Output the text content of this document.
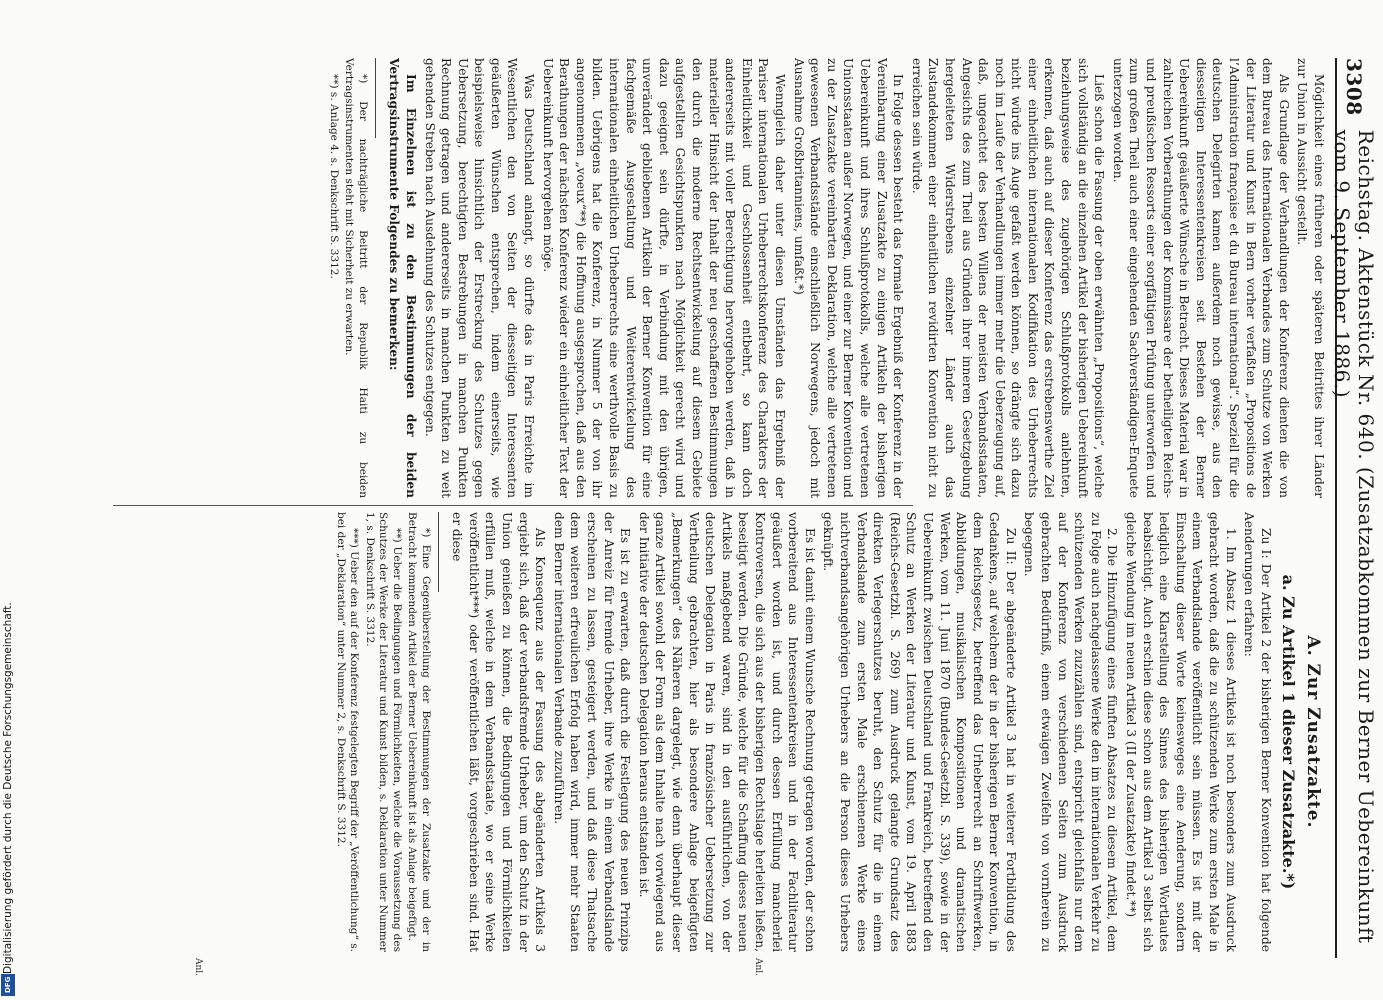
3308
Reichstag. Aktenstück Nr. 640. (Zusatzabkommen zur Berner Uebereinkunft vom 9. September 1886.)

Möglichkeit eines früheren oder späteren Beitrittes ihrer Länder zur Union in Aussicht gestellt.

Als Grundlage der Verhandlungen der Konferenz dienten die von dem Bureau des Internationalen Verbandes zum Schutze von Werken der Literatur und Kunst in Bern vorher verfaßten „Propositions de l’Administration française et du Bureau international“. Speziell für die deutschen Delegirten kamen außerdem noch gewisse, aus den diesseitigen Interessentenkreisen seit Bestehen der Berner Uebereinkunft geäußerte Wünsche in Betracht. Dieses Material war in zahlreichen Vorberathungen der Kommissare der betheiligten Reichs- und preußischen Ressorts einer sorgfältigen Prüfung unterworfen und zum großen Theil auch einer eingehenden Sachverständigen-Enquete unterzogen worden.

Ließ schon die Fassung der oben erwähnten „Propositions“, welche sich vollständig an die einzelnen Artikel der bisherigen Uebereinkunft beziehungsweise des zugehörigen Schlußprotokolls anlehnten, erkennen, daß auch auf dieser Konferenz das erstrebenswerthe Ziel einer einheitlichen internationalen Kodifikation des Urheberrechts nicht würde ins Auge gefaßt werden können, so drängte sich dazu noch im Laufe der Verhandlungen immer mehr die Ueberzeugung auf, daß, ungeachtet des besten Willens der meisten Verbandsstaaten, Angesichts des zum Theil aus Gründen ihrer inneren Gesetzgebung hergeleiteten Widerstrebens einzelner Länder auch das Zustandekommen einer einheitlichen revidirten Konvention nicht zu erreichen sein würde.

In Folge dessen besteht das formale Ergebniß der Konferenz in der Vereinbarung einer Zusatzakte zu einigen Artikeln der bisherigen Uebereinkunft und ihres Schlußprotokolls, welche alle vertretenen Unionsstaaten außer Norwegen, und einer zur Berner Konvention und zu der Zusatzakte vereinbarten Deklaration, welche alle vertretenen gewesenen Verbandsstände einschließlich Norwegens, jedoch mit Ausnahme Großbritanniens, umfaßt.*)

Wenngleich daher unter diesen Umständen das Ergebniß der Pariser internationalen Urheberrechtskonferenz des Charakters der Einheitlichkeit und Geschlossenheit entbehrt, so kann doch andererseits mit voller Berechtigung hervorgehoben werden, daß in materieller Hinsicht der Inhalt der neu geschaffenen Bestimmungen den durch die moderne Rechtsentwickelung auf diesem Gebiete aufgestellten Gesichtspunkten nach Möglichkeit gerecht wird und dazu geeignet sein dürfte, in Verbindung mit den übrigen, unverändert gebliebenen Artikeln der Berner Konvention für eine fachgemäße Ausgestaltung und Weiterentwickelung des internationalen einheitlichen Urheberrechts eine werthvolle Basis zu bilden. Uebrigens hat die Konferenz, in Nummer 5 der von ihr angenommenen „voeux“**) die Hoffnung ausgesprochen, daß aus den Berathungen der nächsten Konferenz wieder ein einheitlicher Text der Uebereinkunft hervorgehen möge.

Was Deutschland anlangt, so dürfte das in Paris Erreichte im Wesentlichen den von Seiten der diesseitigen Interessenten geäußerten Wünschen entsprechen, indem einerseits, wie beispielsweise hinsichtlich der Erstreckung des Schutzes gegen Uebersetzung, berechtigten Bestrebungen in manchen Punkten Rechnung getragen und andererseits in manchen Punkten zu weit gehenden Streben nach Ausdehnung des Schutzes entgegen.

Im Einzelnen ist zu den Bestimmungen der beiden Vertragsinstrumente Folgendes zu bemerken:

*) Der nachträgliche Beitritt der Republik Haiti zu beiden Vertragsinstrumenten steht mit Sicherheit zu erwarten.

**) s. Anlage 4. s. Denkschrift S. 3312.

A. Zur Zusatzakte.
a. Zu Artikel 1 dieser Zusatzakte.*)

Zu I: Der Artikel 2 der bisherigen Berner Konvention hat folgende Aenderungen erfahren:

1. Im Absatz 1 dieses Artikels ist noch besonders zum Ausdruck gebracht worden, daß die zu schützenden Werke zum ersten Male in einem Verbandslande veröffentlicht sein müssen. Es ist mit der Einschaltung dieser Worte keinesweges eine Aenderung, sondern lediglich eine Klarstellung des Sinnes des bisherigen Wortlautes beabsichtigt. Auch erschien diese schon aus dem Artikel 3 selbst sich gleiche Wendung im neuen Artikel 3 (II der Zusatzakte) findet.**)

2. Die Hinzufügung eines fünften Absatzes zu diesem Artikel, dem zu Folge auch nachgelassene Werke den im internationalen Verkehr zu schützenden Werken zuzuzählen sind, entspricht gleichfalls nur dem auf der Konferenz von verschiedenen Seiten zum Ausdruck gebrachten Bedürfniß, einem etwaigen Zweifeln von vornherein zu begegnen.

Zu II: Der abgeänderte Artikel 3 hat in weiterer Fortbildung des Gedankens, auf welchem der in der bisherigen Berner Konvention, in dem Reichsgesetz, betreffend das Urheberrecht an Schriftwerken, Abbildungen, musikalischen Kompositionen und dramatischen Werken, vom 11. Juni 1870 (Bundes-Gesetzbl. S. 339), sowie in der Uebereinkunft zwischen Deutschland und Frankreich, betreffend den Schutz an Werken der Literatur und Kunst, vom 19. April 1883 (Reichs-Gesetzbl. S. 269) zum Ausdruck gelangte Grundsatz des direkten Verlegerschutzes beruht, den Schutz für die in einem Verbandslande zum ersten Male erschienenen Werke eines nichtverbandsangehörigen Urhebers an die Person dieses Urhebers geknüpft.

Es ist damit einem Wunsche Rechnung getragen worden, der schon vorbereitend aus Interessentenkreisen und in der Fachliteratur geäußert worden ist, und durch dessen Erfüllung mancherlei Kontroversen, die sich aus der bisherigen Rechtslage herleiten ließen, beseitigt werden. Die Gründe, welche für die Schaffung dieses neuen Artikels maßgebend waren, sind in den ausführlichen, von der deutschen Delegation in Paris in französischer Uebersetzung zur Vertheilung gebrachten, hier als besondere Anlage beigefügten „Bemerkungen“ des Näheren dargelegt, wie denn überhaupt dieser ganze Artikel sowohl der Form als dem Inhalte nach vorwiegend aus der Initiative der deutschen Delegation heraus entstanden ist.

Es ist zu erwarten, daß durch die Festlegung des neuen Prinzips der Anreiz für fremde Urheber, ihre Werke in einem Verbandslande erscheinen zu lassen, gesteigert werden, und daß diese Thatsache dem weiteren erfreulichen Erfolg haben wird, immer mehr Staaten dem Berner internationalen Verbande zuzuführen.

Als Konsequenz aus der Fassung des abgeänderten Artikels 3 ergiebt sich, daß der verbandsfremde Urheber, um den Schutz in der Union genießen zu können, die Bedingungen und Förmlichkeiten erfüllen muß, welche in dem Verbandsstaate, wo er seine Werke veröffentlicht***) oder veröffentlichen läßt, vorgeschrieben sind. Hat er diese

*) Eine Gegenüberstellung der Bestimmungen der Zusatzakte und der in Betracht kommenden Artikel der Berner Uebereinkunft ist als Anlage beigefügt.

**) Ueber die Bedingungen und Förmlichkeiten, welche die Voraussetzung des Schutzes der Werke der Literatur und Kunst bilden, s. Deklaration unter Nummer 1, s. Denkschrift S. 3312.

***) Ueber den auf der Konferenz festgelegten Begriff der „Veröffentlichung“ s. bei der „Deklaration“ unter Nummer 2, s. Denkschrift S. 3312.

Anl.
Anl.
DFG
Digitalisierung gefördert durch die Deutsche Forschungsgemeinschaft.
